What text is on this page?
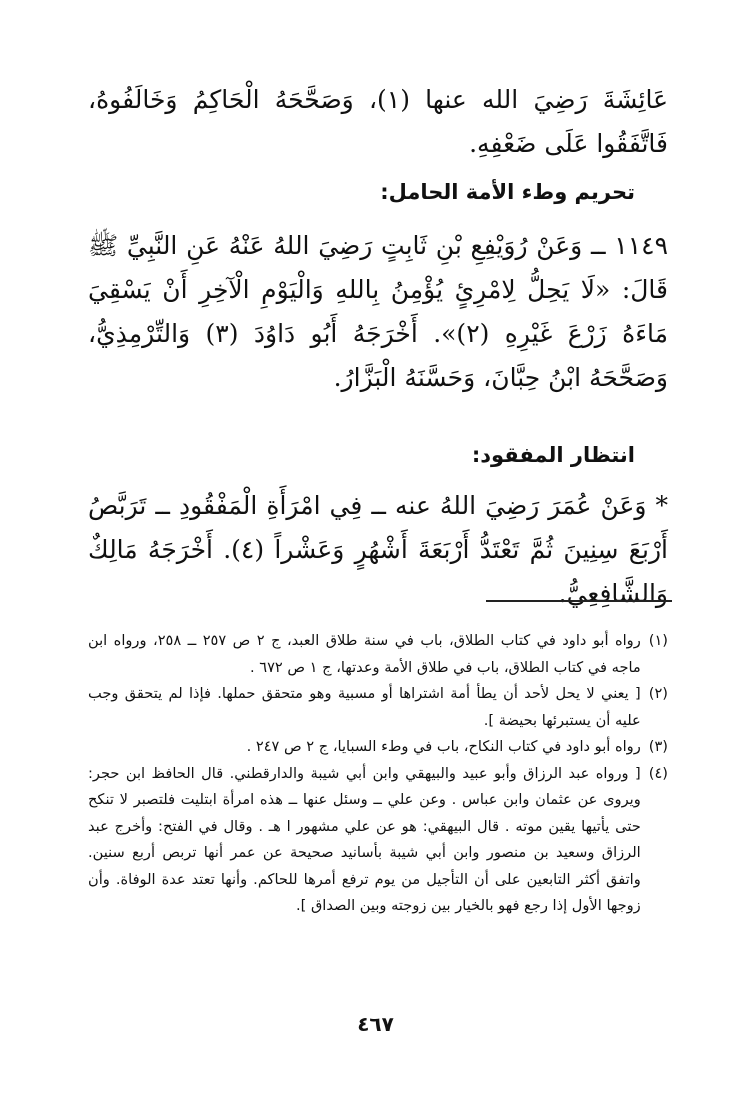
عَائِشَةَ رَضِيَ الله عنها (١)، وَصَحَّحَهُ الْحَاكِمُ وَخَالَفُوهُ، فَاتَّفَقُوا عَلَى ضَعْفِهِ.

تحريم وطء الأمة الحامل:

١١٤٩ ــ وَعَنْ رُوَيْفِعِ بْنِ ثَابِتٍ رَضِيَ اللهُ عَنْهُ عَنِ النَّبِيِّ ﷺ قَالَ: «لَا يَحِلُّ لِامْرِئٍ يُؤْمِنُ بِاللهِ وَالْيَوْمِ الْآخِرِ أَنْ يَسْقِيَ مَاءَهُ زَرْعَ غَيْرِهِ (٢)». أَخْرَجَهُ أَبُو دَاوُدَ (٣) وَالتِّرْمِذِيُّ، وَصَحَّحَهُ ابْنُ حِبَّانَ، وَحَسَّنَهُ الْبَزَّارُ.

انتظار المفقود:

* وَعَنْ عُمَرَ رَضِيَ اللهُ عنه ــ فِي امْرَأَةِ الْمَفْقُودِ ــ تَرَبَّصُ أَرْبَعَ سِنِينَ ثُمَّ تَعْتَدُّ أَرْبَعَةَ أَشْهُرٍ وَعَشْراً (٤). أَخْرَجَهُ مَالِكٌ وَالشَّافِعِيُّ.

(١)
رواه أبو داود في كتاب الطلاق، باب في سنة طلاق العبد، ج ٢ ص ٢٥٧ ــ ٢٥٨، ورواه ابن ماجه في كتاب الطلاق، باب في طلاق الأمة وعدتها، ج ١ ص ٦٧٢ .
(٢)
[ يعني لا يحل لأحد أن يطأ أمة اشتراها أو مسبية وهو متحقق حملها. فإذا لم يتحقق وجب عليه أن يستبرئها بحيضة ].
(٣)
رواه أبو داود في كتاب النكاح، باب في وطء السبايا، ج ٢ ص ٢٤٧ .
(٤)
[ ورواه عبد الرزاق وأبو عبيد والبيهقي وابن أبي شيبة والدارقطني. قال الحافظ ابن حجر: ويروى عن عثمان وابن عباس . وعن علي ــ وسئل عنها ــ هذه امرأة ابتليت فلتصبر لا تنكح حتى يأتيها يقين موته . قال البيهقي: هو عن علي مشهور ا هـ . وقال في الفتح: وأخرج عبد الرزاق وسعيد بن منصور وابن أبي شيبة بأسانيد صحيحة عن عمر أنها تربص أربع سنين. واتفق أكثر التابعين على أن التأجيل من يوم ترفع أمرها للحاكم. وأنها تعتد عدة الوفاة. وأن زوجها الأول إذا رجع فهو بالخيار بين زوجته وبين الصداق ].
٤٦٧
